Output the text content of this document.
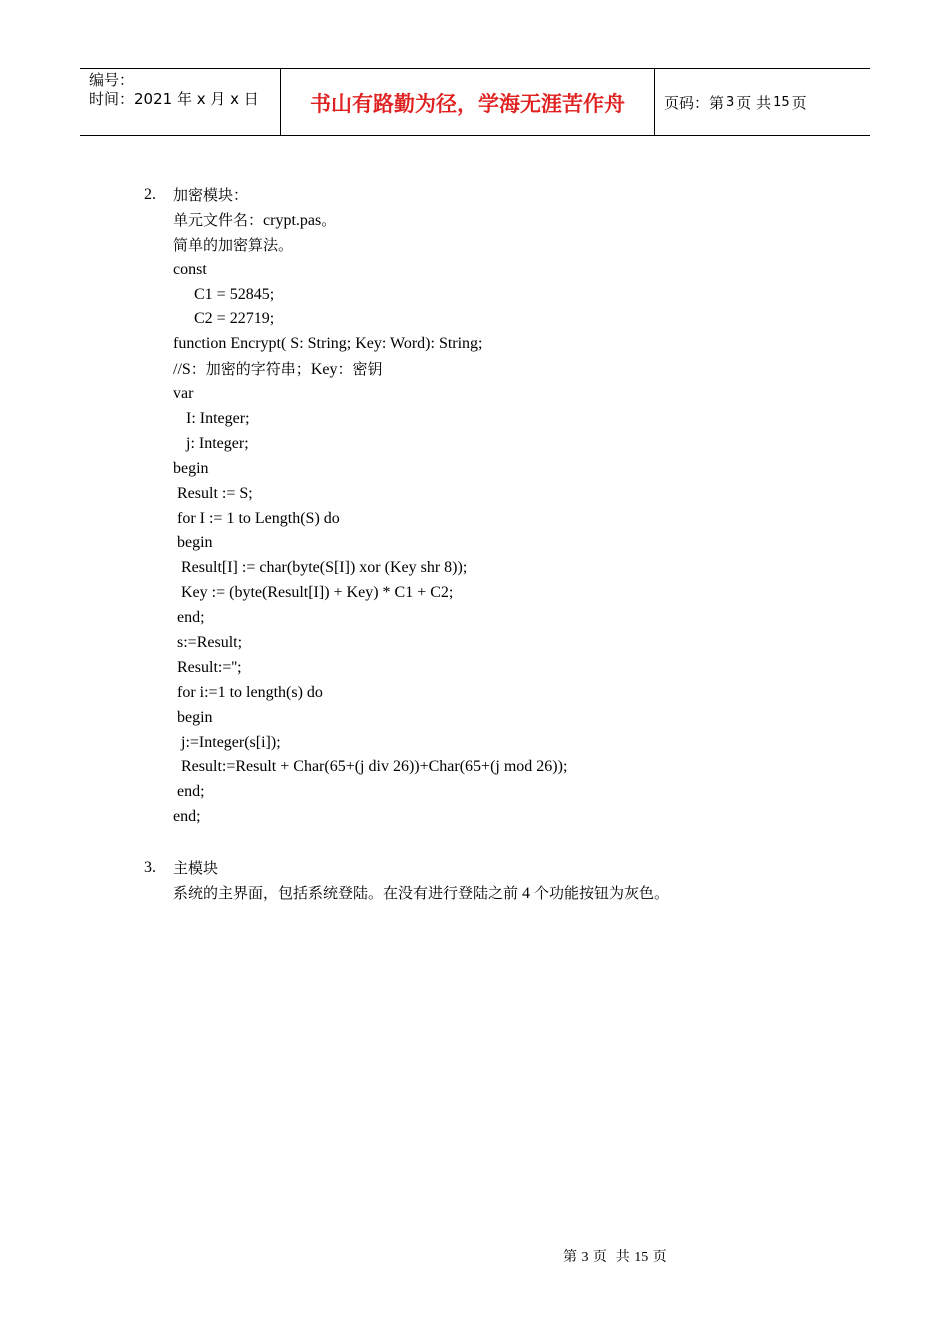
编号：
时间：2021 年 x 月 x 日	书山有路勤为径，学海无涯苦作舟	页码：第 3 页 共 15 页
2. 加密模块：
单元文件名：crypt.pas。
简单的加密算法。
const
C1 = 52845;
C2 = 22719;
function Encrypt( S: String; Key: Word): String;
//S：加密的字符串；Key：密钥
var
I: Integer;
j: Integer;
begin
Result := S;
for I := 1 to Length(S) do
begin
Result[I] := char(byte(S[I]) xor (Key shr 8));
Key := (byte(Result[I]) + Key) * C1 + C2;
end;
s:=Result;
Result:='';
for i:=1 to length(s) do
begin
j:=Integer(s[i]);
Result:=Result + Char(65+(j div 26))+Char(65+(j mod 26));
end;
end;
3. 主模块
系统的主界面，包括系统登陆。在没有进行登陆之前 4 个功能按钮为灰色。
第 3 页  共 15 页
